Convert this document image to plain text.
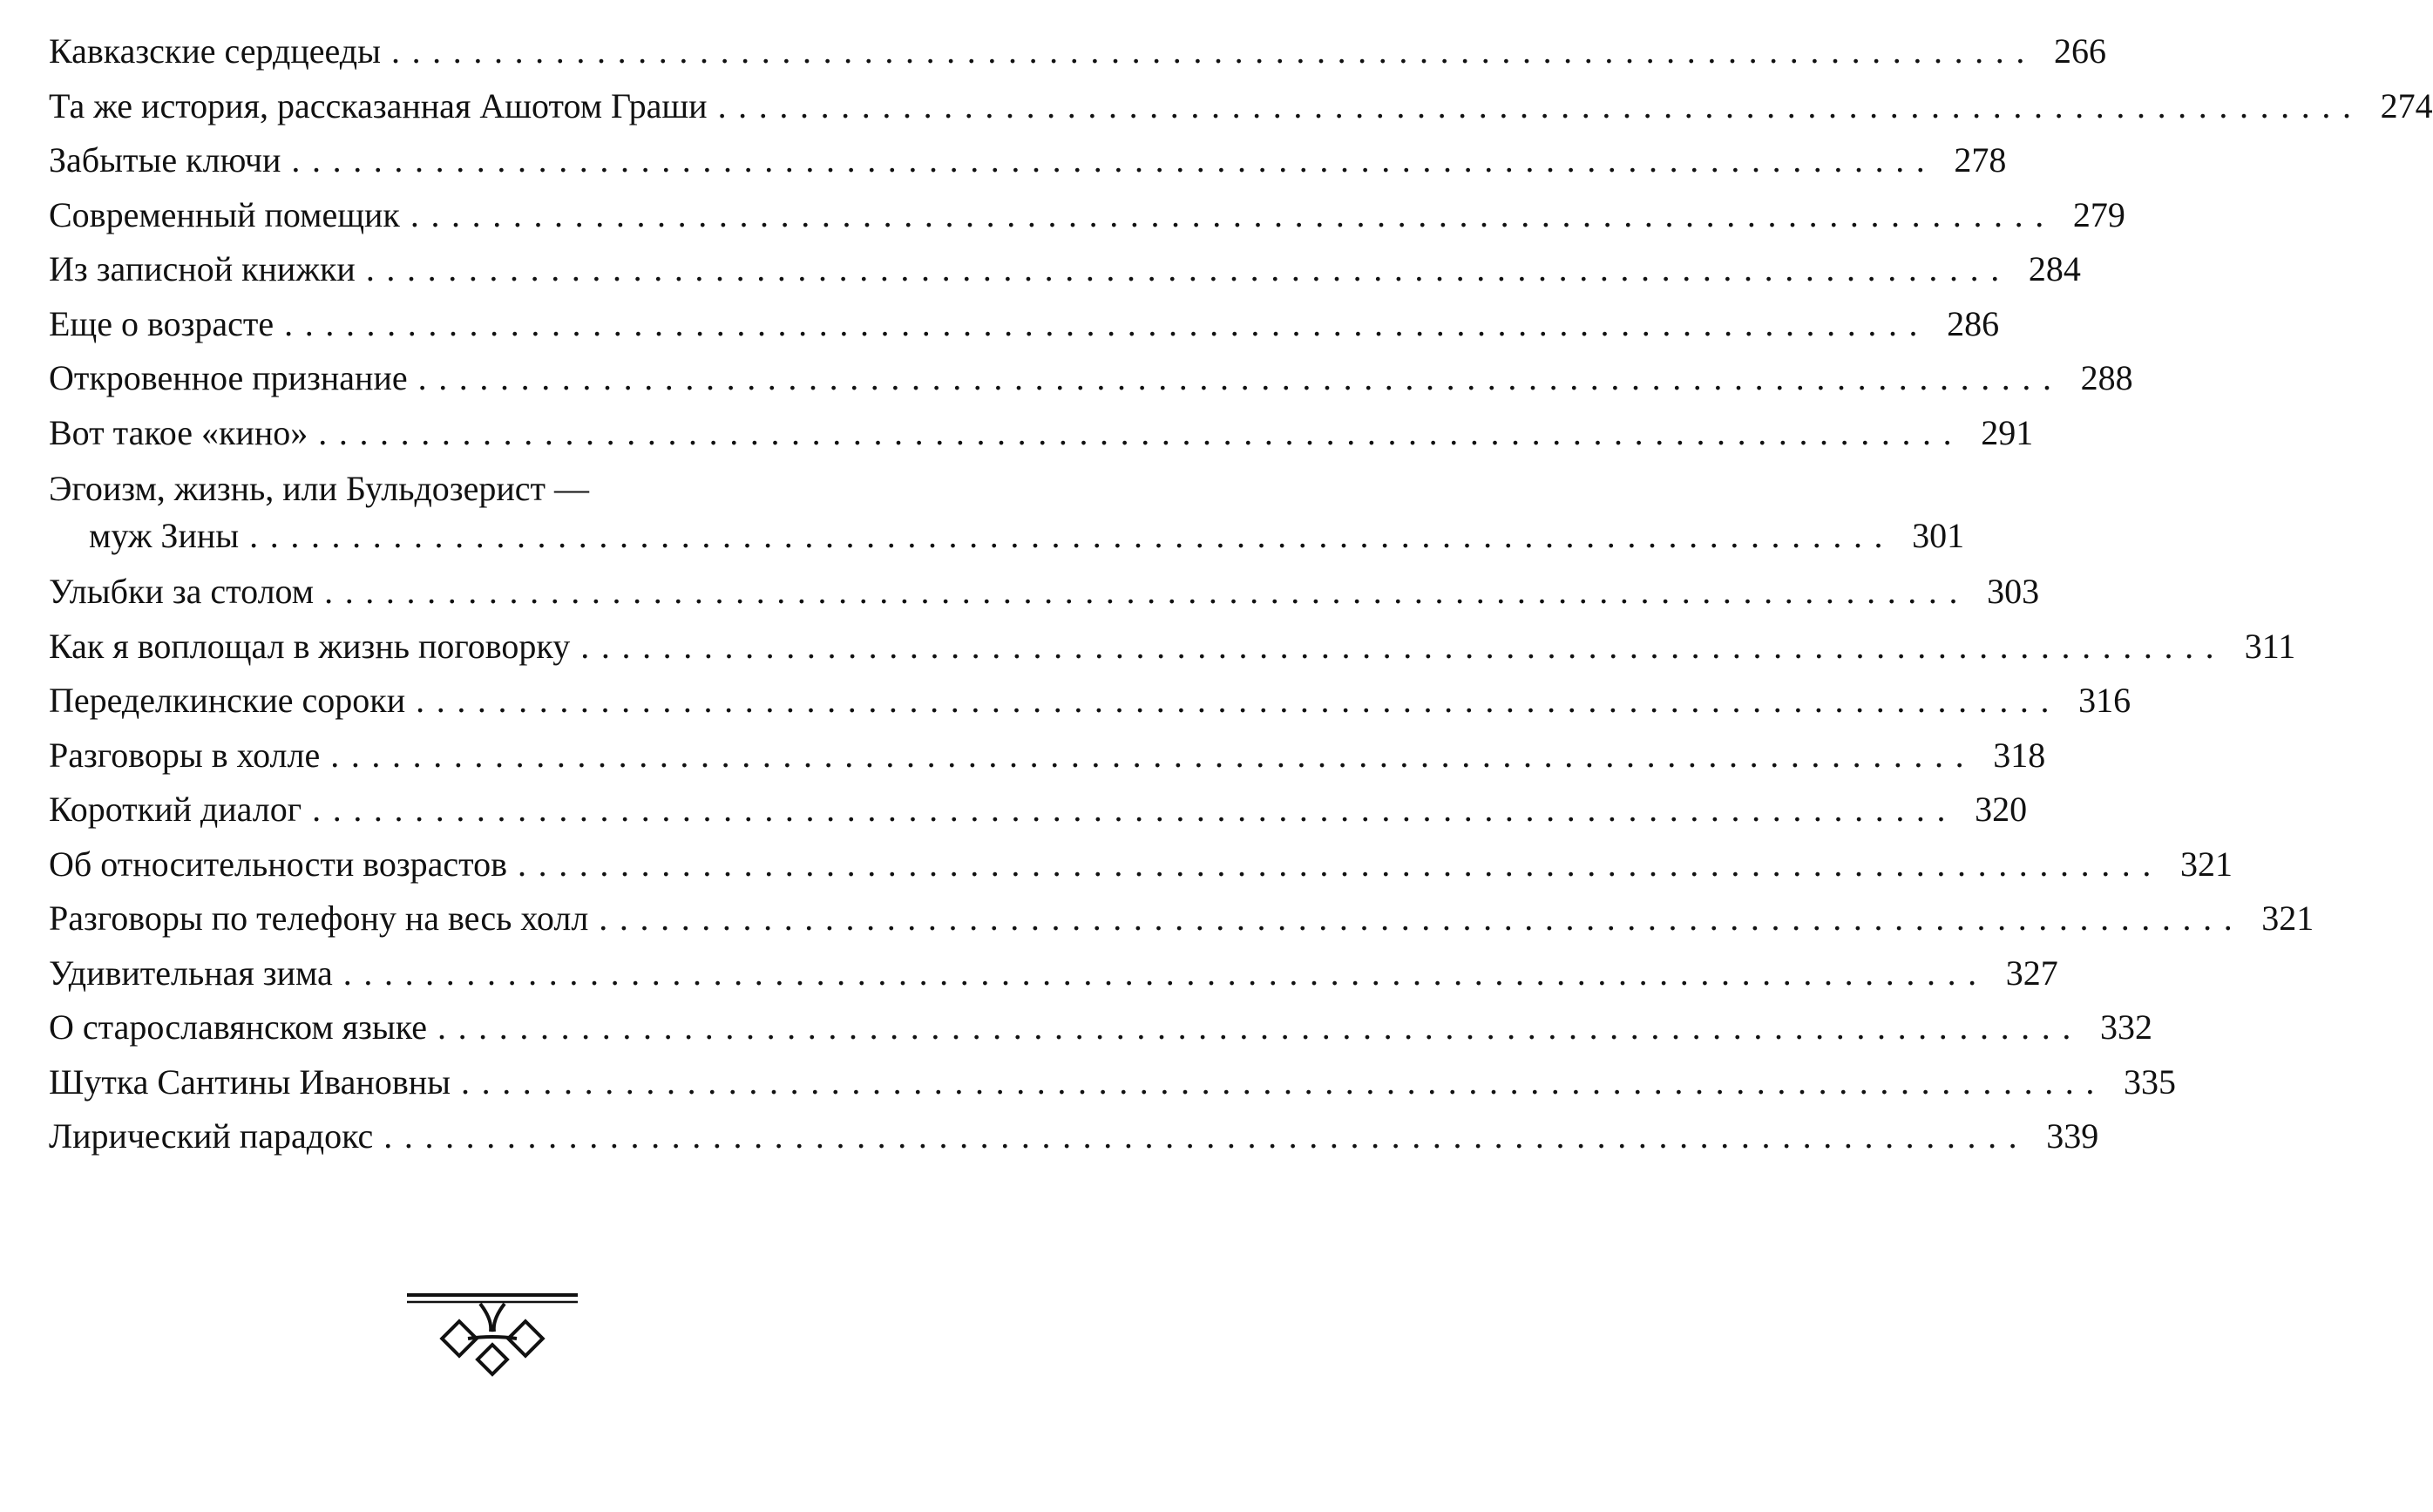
Кавказские сердцееды ................................................................................ 266
Та же история, рассказанная Ашотом Граши ................................................................................ 274
Забытые ключи ................................................................................ 278
Современный помещик ................................................................................ 279
Из записной книжки ................................................................................ 284
Еще о возрасте ................................................................................ 286
Откровенное признание ................................................................................ 288
Вот такое «кино» ................................................................................ 291
Эгоизм, жизнь, или Бульдозерист —
муж Зины ................................................................................ 301
Улыбки за столом ................................................................................ 303
Как я воплощал в жизнь поговорку ................................................................................ 311
Переделкинские сороки ................................................................................ 316
Разговоры в холле ................................................................................ 318
Короткий диалог ................................................................................ 320
Об относительности возрастов ................................................................................ 321
Разговоры по телефону на весь холл ................................................................................ 321
Удивительная зима ................................................................................ 327
О старославянском языке ................................................................................ 332
Шутка Сантины Ивановны ................................................................................ 335
Лирический парадокс ................................................................................ 339
